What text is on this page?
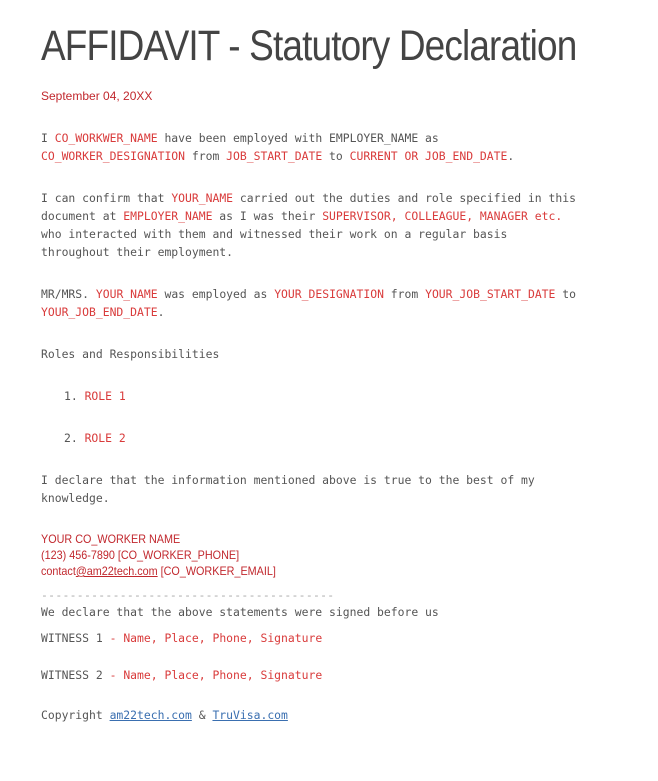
AFFIDAVIT - Statutory Declaration
September 04, 20XX
I CO_WORKWER_NAME have been employed with EMPLOYER_NAME as
CO_WORKER_DESIGNATION from JOB_START_DATE to CURRENT OR JOB_END_DATE.
I can confirm that YOUR_NAME carried out the duties and role specified in this
document at EMPLOYER_NAME as I was their SUPERVISOR, COLLEAGUE, MANAGER etc.
who interacted with them and witnessed their work on a regular basis
throughout their employment.
MR/MRS. YOUR_NAME was employed as YOUR_DESIGNATION from YOUR_JOB_START_DATE to
YOUR_JOB_END_DATE.
Roles and Responsibilities
1. ROLE 1
2. ROLE 2
I declare that the information mentioned above is true to the best of my
knowledge.
YOUR CO_WORKER NAME
(123) 456-7890 [CO_WORKER_PHONE]
contact@am22tech.com [CO_WORKER_EMAIL]
-----------------------------------------
We declare that the above statements were signed before us
WITNESS 1 - Name, Place, Phone, Signature
WITNESS 2 - Name, Place, Phone, Signature
Copyright am22tech.com & TruVisa.com
